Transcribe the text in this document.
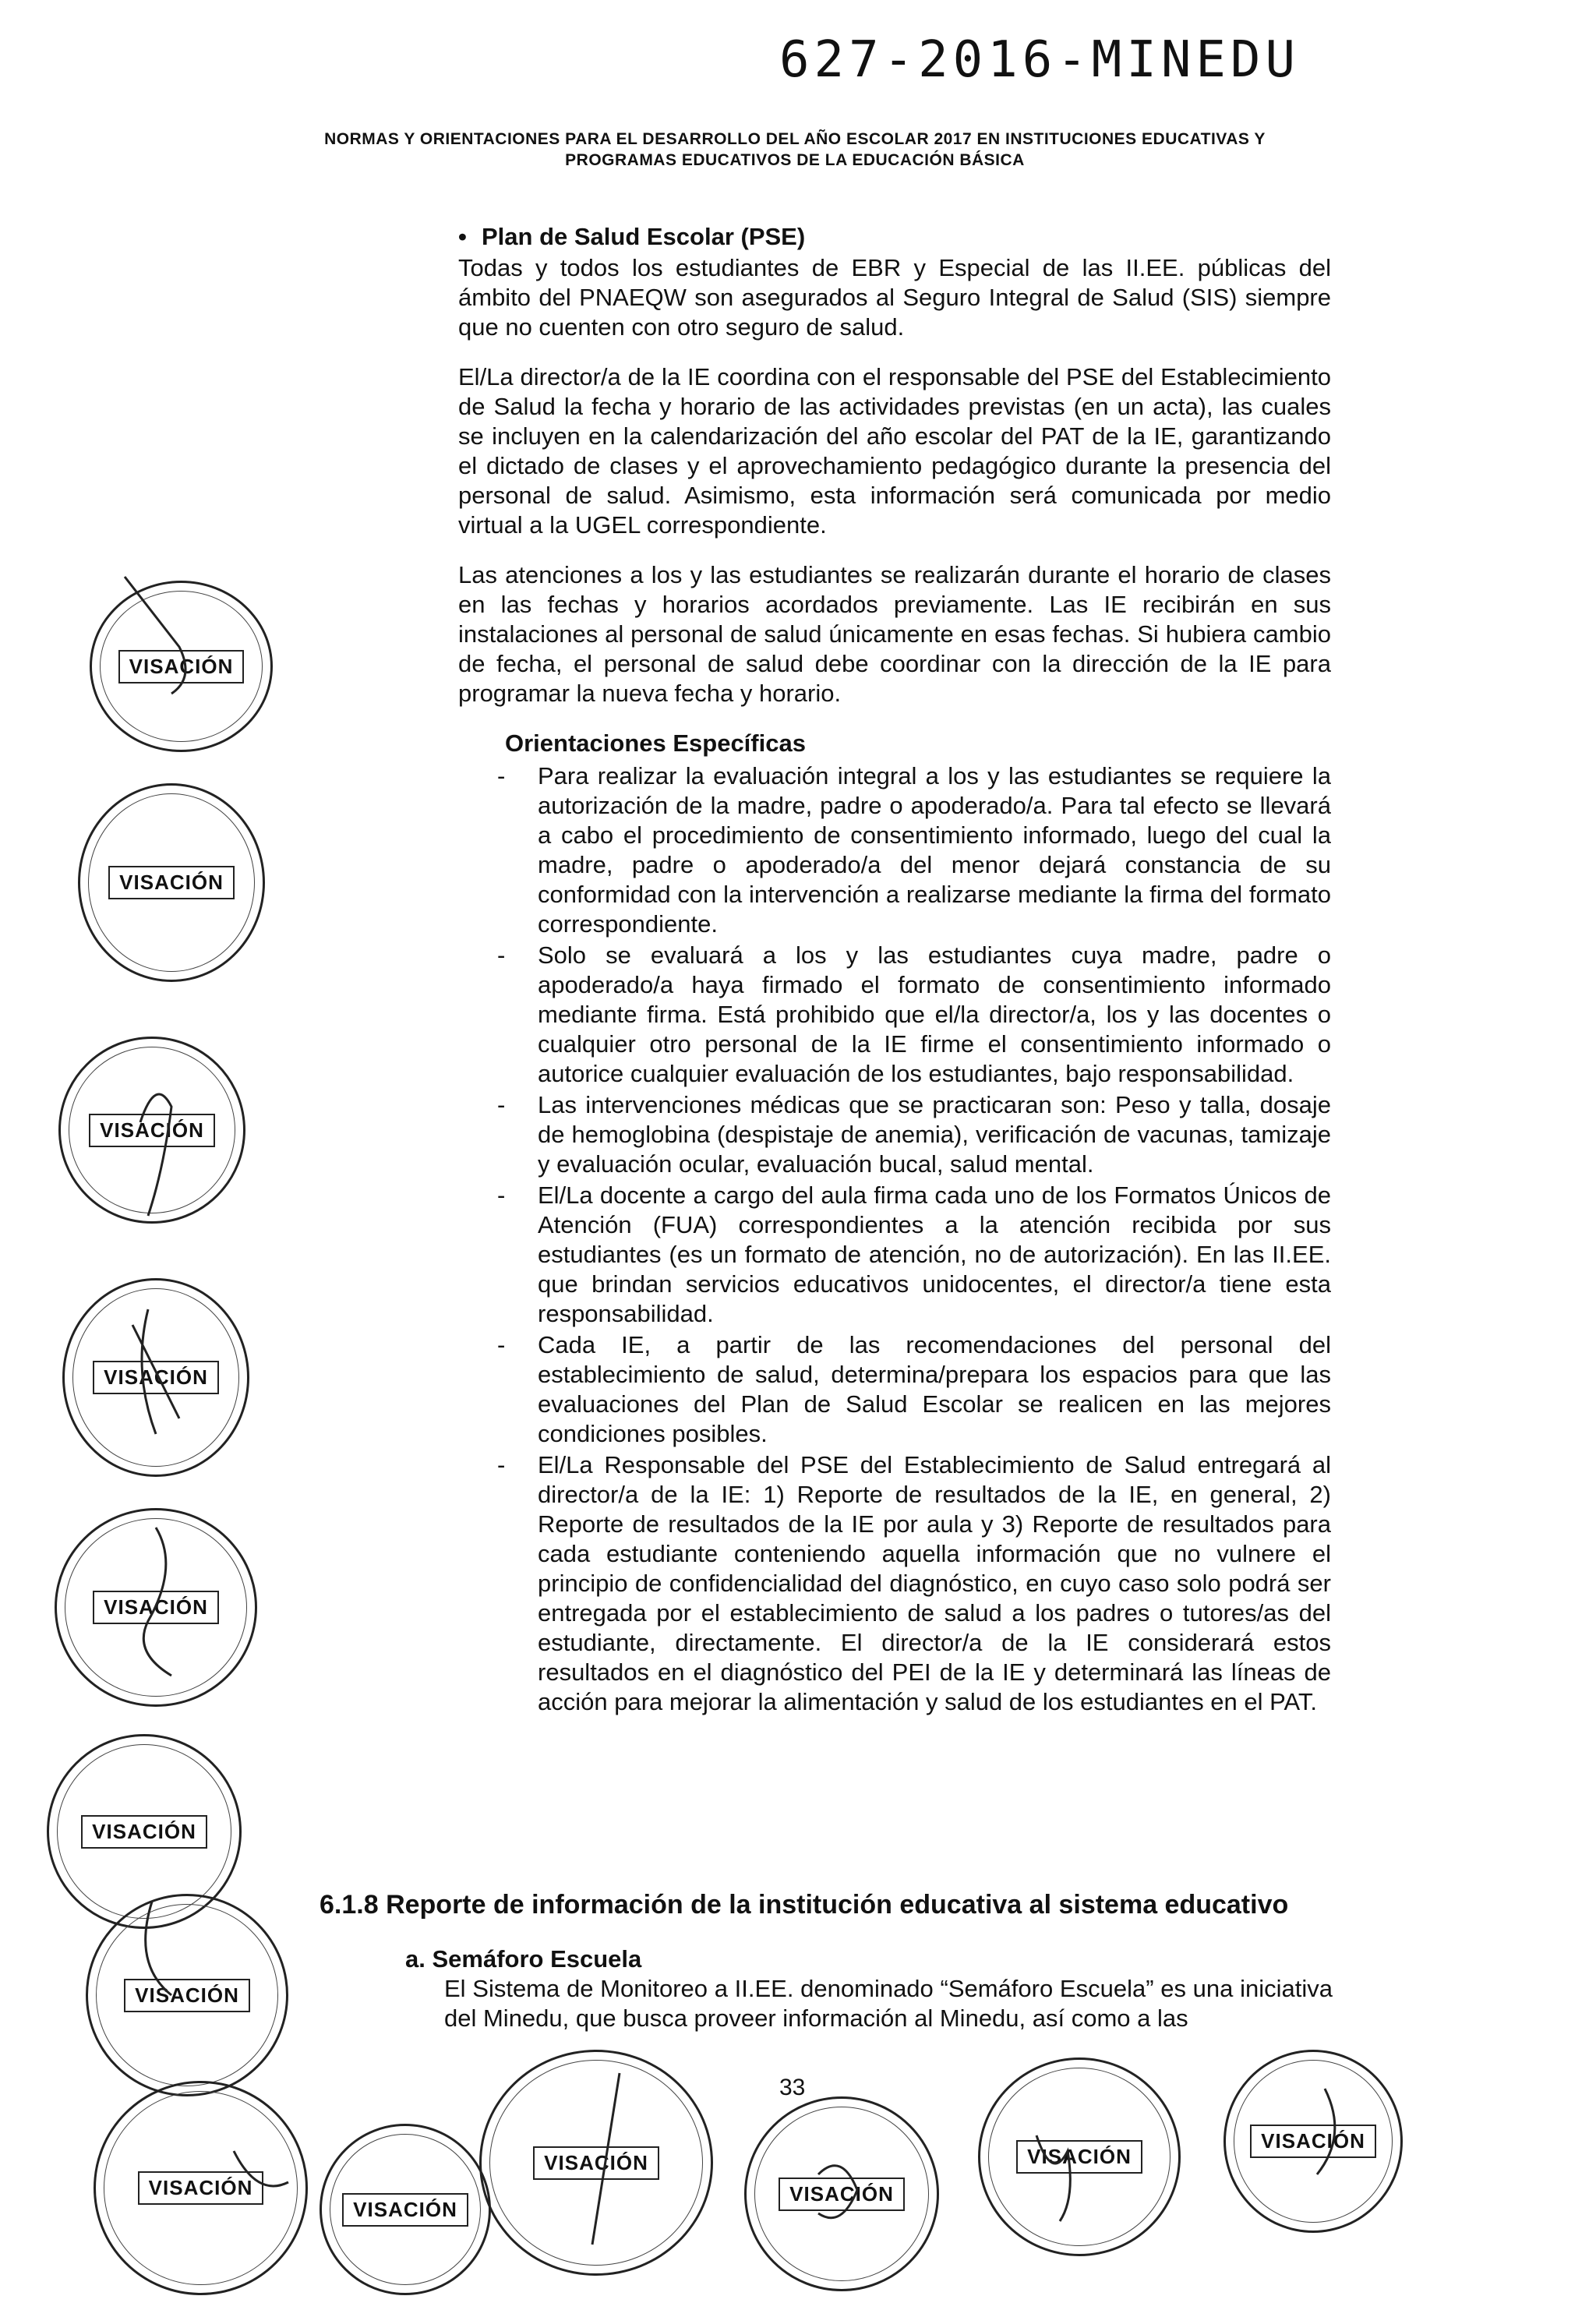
627-2016-MINEDU
NORMAS Y ORIENTACIONES PARA EL DESARROLLO DEL AÑO ESCOLAR 2017 EN INSTITUCIONES EDUCATIVAS Y
PROGRAMAS EDUCATIVOS DE LA EDUCACIÓN BÁSICA
• Plan de Salud Escolar (PSE)

Todas y todos los estudiantes de EBR y Especial de las II.EE. públicas del ámbito del PNAEQW son asegurados al Seguro Integral de Salud (SIS) siempre que no cuenten con otro seguro de salud.

El/La director/a de la IE coordina con el responsable del PSE del Establecimiento de Salud la fecha y horario de las actividades previstas (en un acta), las cuales se incluyen en la calendarización del año escolar del PAT de la IE, garantizando el dictado de clases y el aprovechamiento pedagógico durante la presencia del personal de salud. Asimismo, esta información será comunicada por medio virtual a la UGEL correspondiente.

Las atenciones a los y las estudiantes se realizarán durante el horario de clases en las fechas y horarios acordados previamente. Las IE recibirán en sus instalaciones al personal de salud únicamente en esas fechas. Si hubiera cambio de fecha, el personal de salud debe coordinar con la dirección de la IE para programar la nueva fecha y horario.

Orientaciones Específicas
- Para realizar la evaluación integral a los y las estudiantes se requiere la autorización de la madre, padre o apoderado/a. Para tal efecto se llevará a cabo el procedimiento de consentimiento informado, luego del cual la madre, padre o apoderado/a del menor dejará constancia de su conformidad con la intervención a realizarse mediante la firma del formato correspondiente.
- Solo se evaluará a los y las estudiantes cuya madre, padre o apoderado/a haya firmado el formato de consentimiento informado mediante firma. Está prohibido que el/la director/a, los y las docentes o cualquier otro personal de la IE firme el consentimiento informado o autorice cualquier evaluación de los estudiantes, bajo responsabilidad.
- Las intervenciones médicas que se practicaran son: Peso y talla, dosaje de hemoglobina (despistaje de anemia), verificación de vacunas, tamizaje y evaluación ocular, evaluación bucal, salud mental.
- El/La docente a cargo del aula firma cada uno de los Formatos Únicos de Atención (FUA) correspondientes a la atención recibida por sus estudiantes (es un formato de atención, no de autorización). En las II.EE. que brindan servicios educativos unidocentes, el director/a tiene esta responsabilidad.
- Cada IE, a partir de las recomendaciones del personal del establecimiento de salud, determina/prepara los espacios para que las evaluaciones del Plan de Salud Escolar se realicen en las mejores condiciones posibles.
- El/La Responsable del PSE del Establecimiento de Salud entregará al director/a de la IE: 1) Reporte de resultados de la IE, en general, 2) Reporte de resultados de la IE por aula y 3) Reporte de resultados para cada estudiante conteniendo aquella información que no vulnere el principio de confidencialidad del diagnóstico, en cuyo caso solo podrá ser entregada por el establecimiento de salud a los padres o tutores/as del estudiante, directamente. El director/a de la IE considerará estos resultados en el diagnóstico del PEI de la IE y determinará las líneas de acción para mejorar la alimentación y salud de los estudiantes en el PAT.
6.1.8 Reporte de información de la institución educativa al sistema educativo
a. Semáforo Escuela

El Sistema de Monitoreo a II.EE. denominado “Semáforo Escuela” es una iniciativa del Minedu, que busca proveer información al Minedu, así como a las

33
VISACIÓN
VISACIÓN
VISACIÓN
VISACIÓN
VISACIÓN
VISACIÓN
VISACIÓN
VISACIÓN
VISACIÓN
VISACIÓN
VISACIÓN
VISACIÓN
VISACIÓN
